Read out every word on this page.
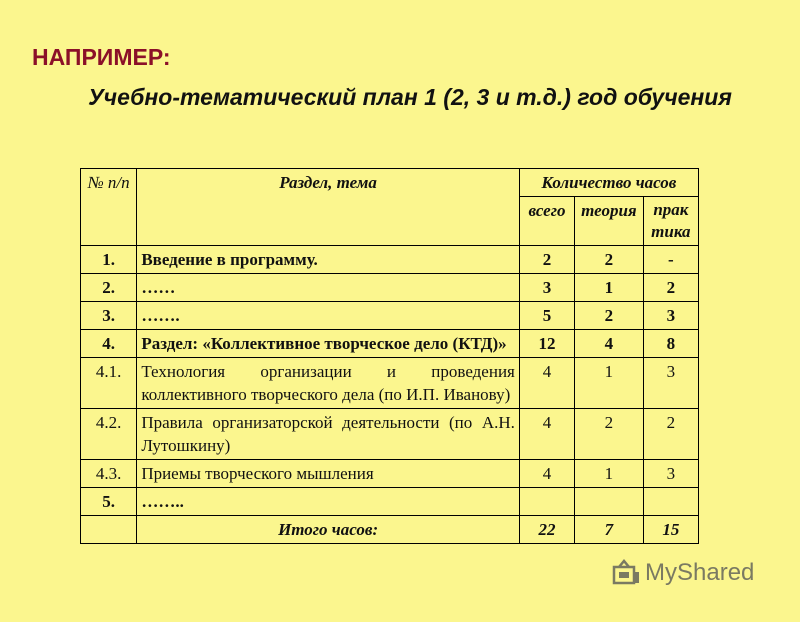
НАПРИМЕР:
Учебно-тематический план 1 (2, 3 и т.д.) год обучения
№ п/п	Раздел, тема	Количество часов		
		всего	теория	прак тика
1.	Введение в программу.	2	2	-
2.	……	3	1	2
3.	…….	5	2	3
4.	Раздел: «Коллективное творческое дело (КТД)»	12	4	8
4.1.	Технология организации и проведения коллективного творческого дела (по И.П. Иванову)	4	1	3
4.2.	Правила организаторской деятельности (по А.Н. Лутошкину)	4	2	2
4.3.	Приемы творческого мышления	4	1	3
5.	……..			
	Итого часов:	22	7	15
MyShared
